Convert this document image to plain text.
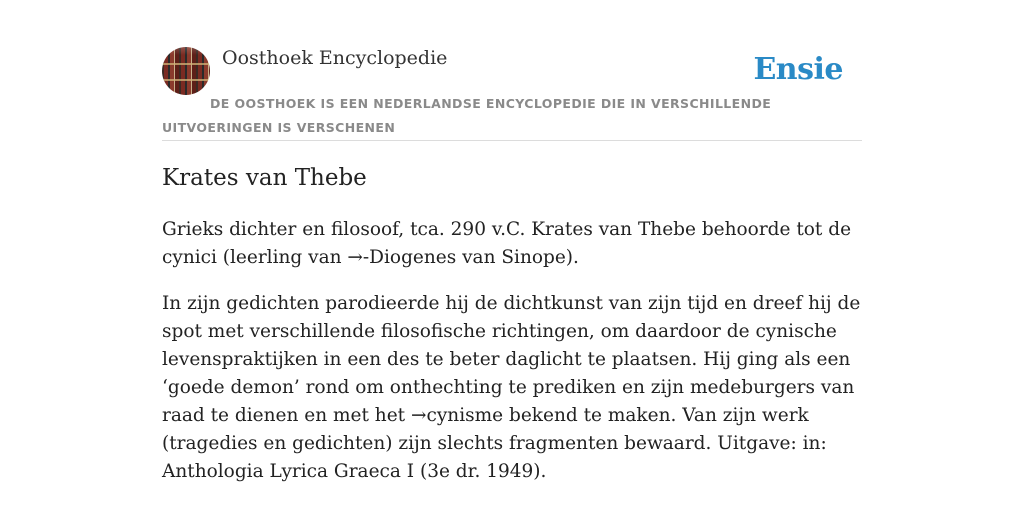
Oosthoek Encyclopedie	Ensie
DE OOSTHOEK IS EEN NEDERLANDSE ENCYCLOPEDIE DIE IN VERSCHILLENDE UITVOERINGEN IS VERSCHENEN
Krates van Thebe

Grieks dichter en filosoof, tca. 290 v.C. Krates van Thebe behoorde tot de cynici (leerling van →-Diogenes van Sinope).

In zijn gedichten parodieerde hij de dichtkunst van zijn tijd en dreef hij de spot met verschillende filosofische richtingen, om daardoor de cynische levenspraktijken in een des te beter daglicht te plaatsen. Hij ging als een ‘goede demon’ rond om onthechting te prediken en zijn medeburgers van raad te dienen en met het →cynisme bekend te maken. Van zijn werk (tragedies en gedichten) zijn slechts fragmenten bewaard. Uitgave: in: Anthologia Lyrica Graeca I (3e dr. 1949).
